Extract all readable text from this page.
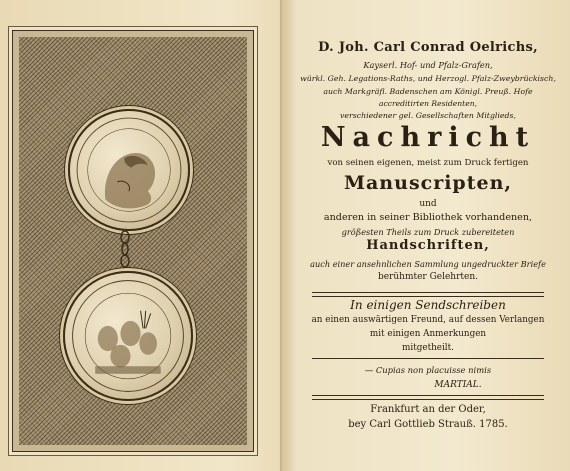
D. Joh. Carl Conrad Oelrichs,
Kayserl. Hof- und Pfalz-Grafen,
würkl. Geh. Legations-Raths, und Herzogl. Pfalz-Zweybrückisch,
auch Markgräfl. Badenschen am Königl. Preuß. Hofe
accreditirten Residenten,
verschiedener gel. Gesellschaften Mitglieds,
Nachricht
von seinen eigenen, meist zum Druck fertigen
Manuscripten,
und
anderen in seiner Bibliothek vorhandenen,
größesten Theils zum Druck zubereiteten
Handschriften,
auch einer ansehnlichen Sammlung ungedruckter Briefe
berühmter Gelehrten.
In einigen Sendschreiben
an einen auswärtigen Freund, auf dessen Verlangen
mit einigen Anmerkungen
mitgetheilt.
— Cupias non placuisse nimis
MARTIAL.
Frankfurt an der Oder,
bey Carl Gottlieb Strauß. 1785.
